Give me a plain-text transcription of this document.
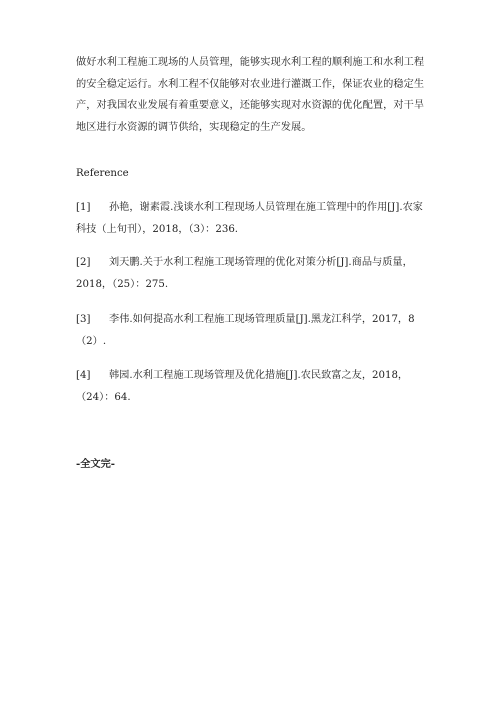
做好水利工程施工现场的人员管理，能够实现水利工程的顺利施工和水利工程的安全稳定运行。水利工程不仅能够对农业进行灌溉工作，保证农业的稳定生产，对我国农业发展有着重要意义，还能够实现对水资源的优化配置，对干旱地区进行水资源的调节供给，实现稳定的生产发展。

Reference
[1] 孙艳，谢素霞.浅谈水利工程现场人员管理在施工管理中的作用[J].农家
科技（上旬刊），2018，（3）：236.
[2] 刘天鹏.关于水利工程施工现场管理的优化对策分析[J].商品与质量，
2018，（25）：275.
[3] 李伟.如何提高水利工程施工现场管理质量[J].黑龙江科学，2017，8
（2）.
[4] 韩园.水利工程施工现场管理及优化措施[J].农民致富之友，2018，
（24）：64.
-全文完-
